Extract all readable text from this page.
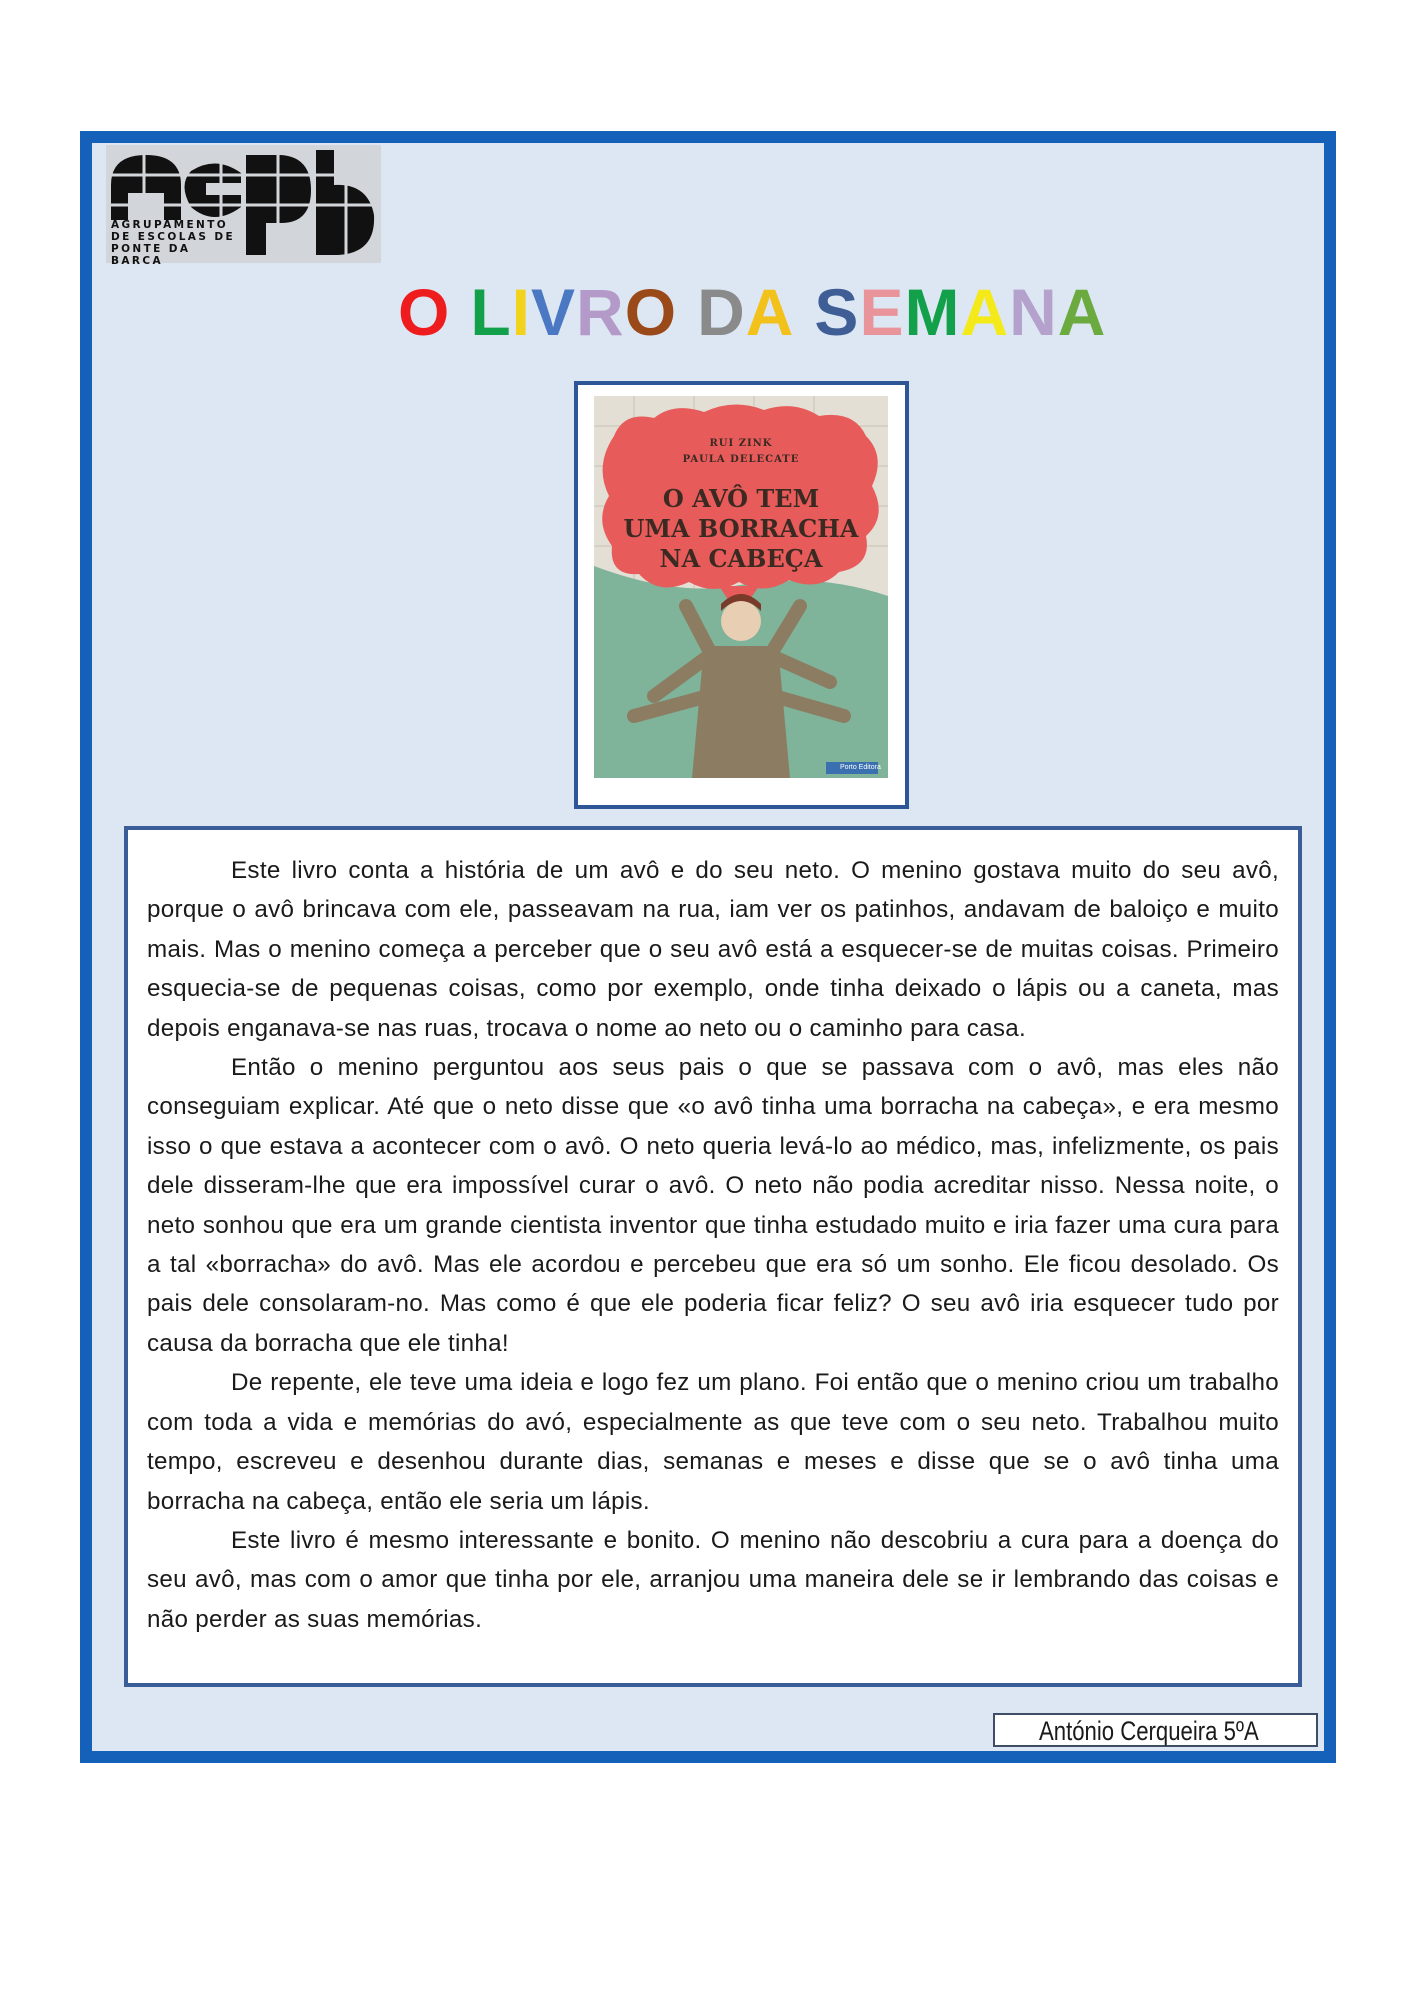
AGRUPAMENTO
DE ESCOLAS DE
PONTE DA BARCA
O LIVRO DA SEMANA
RUI ZINK
PAULA DELECATE
O AVÔ TEM
UMA BORRACHA
NA CABEÇA
Porto Editora

Este livro conta a história de um avô e do seu neto. O menino gostava muito do seu avô, porque o avô brincava com ele, passeavam na rua, iam ver os patinhos, andavam de baloiço e muito mais. Mas o menino começa a perceber que o seu avô está a esquecer-se de muitas coisas. Primeiro esquecia-se de pequenas coisas, como por exemplo, onde tinha deixado o lápis ou a caneta, mas depois enganava-se nas ruas, trocava o nome ao neto ou o caminho para casa.

Então o menino perguntou aos seus pais o que se passava com o avô, mas eles não conseguiam explicar. Até que o neto disse que «o avô tinha uma borracha na cabeça», e era mesmo isso o que estava a acontecer com o avô. O neto queria levá-lo ao médico, mas, infelizmente, os pais dele disseram-lhe que era impossível curar o avô. O neto não podia acreditar nisso. Nessa noite, o neto sonhou que era um grande cientista inventor que tinha estudado muito e iria fazer uma cura para a tal «borracha» do avô. Mas ele acordou e percebeu que era só um sonho. Ele ficou desolado. Os pais dele consolaram-no. Mas como é que ele poderia ficar feliz? O seu avô iria esquecer tudo por causa da borracha que ele tinha!

De repente, ele teve uma ideia e logo fez um plano. Foi então que o menino criou um trabalho com toda a vida e memórias do avó, especialmente as que teve com o seu neto. Trabalhou muito tempo, escreveu e desenhou durante dias, semanas e meses e disse que se o avô tinha uma borracha na cabeça, então ele seria um lápis.

Este livro é mesmo interessante e bonito. O menino não descobriu a cura para a doença do seu avô, mas com o amor que tinha por ele, arranjou uma maneira dele se ir lembrando das coisas e não perder as suas memórias.

António Cerqueira 5ºA
